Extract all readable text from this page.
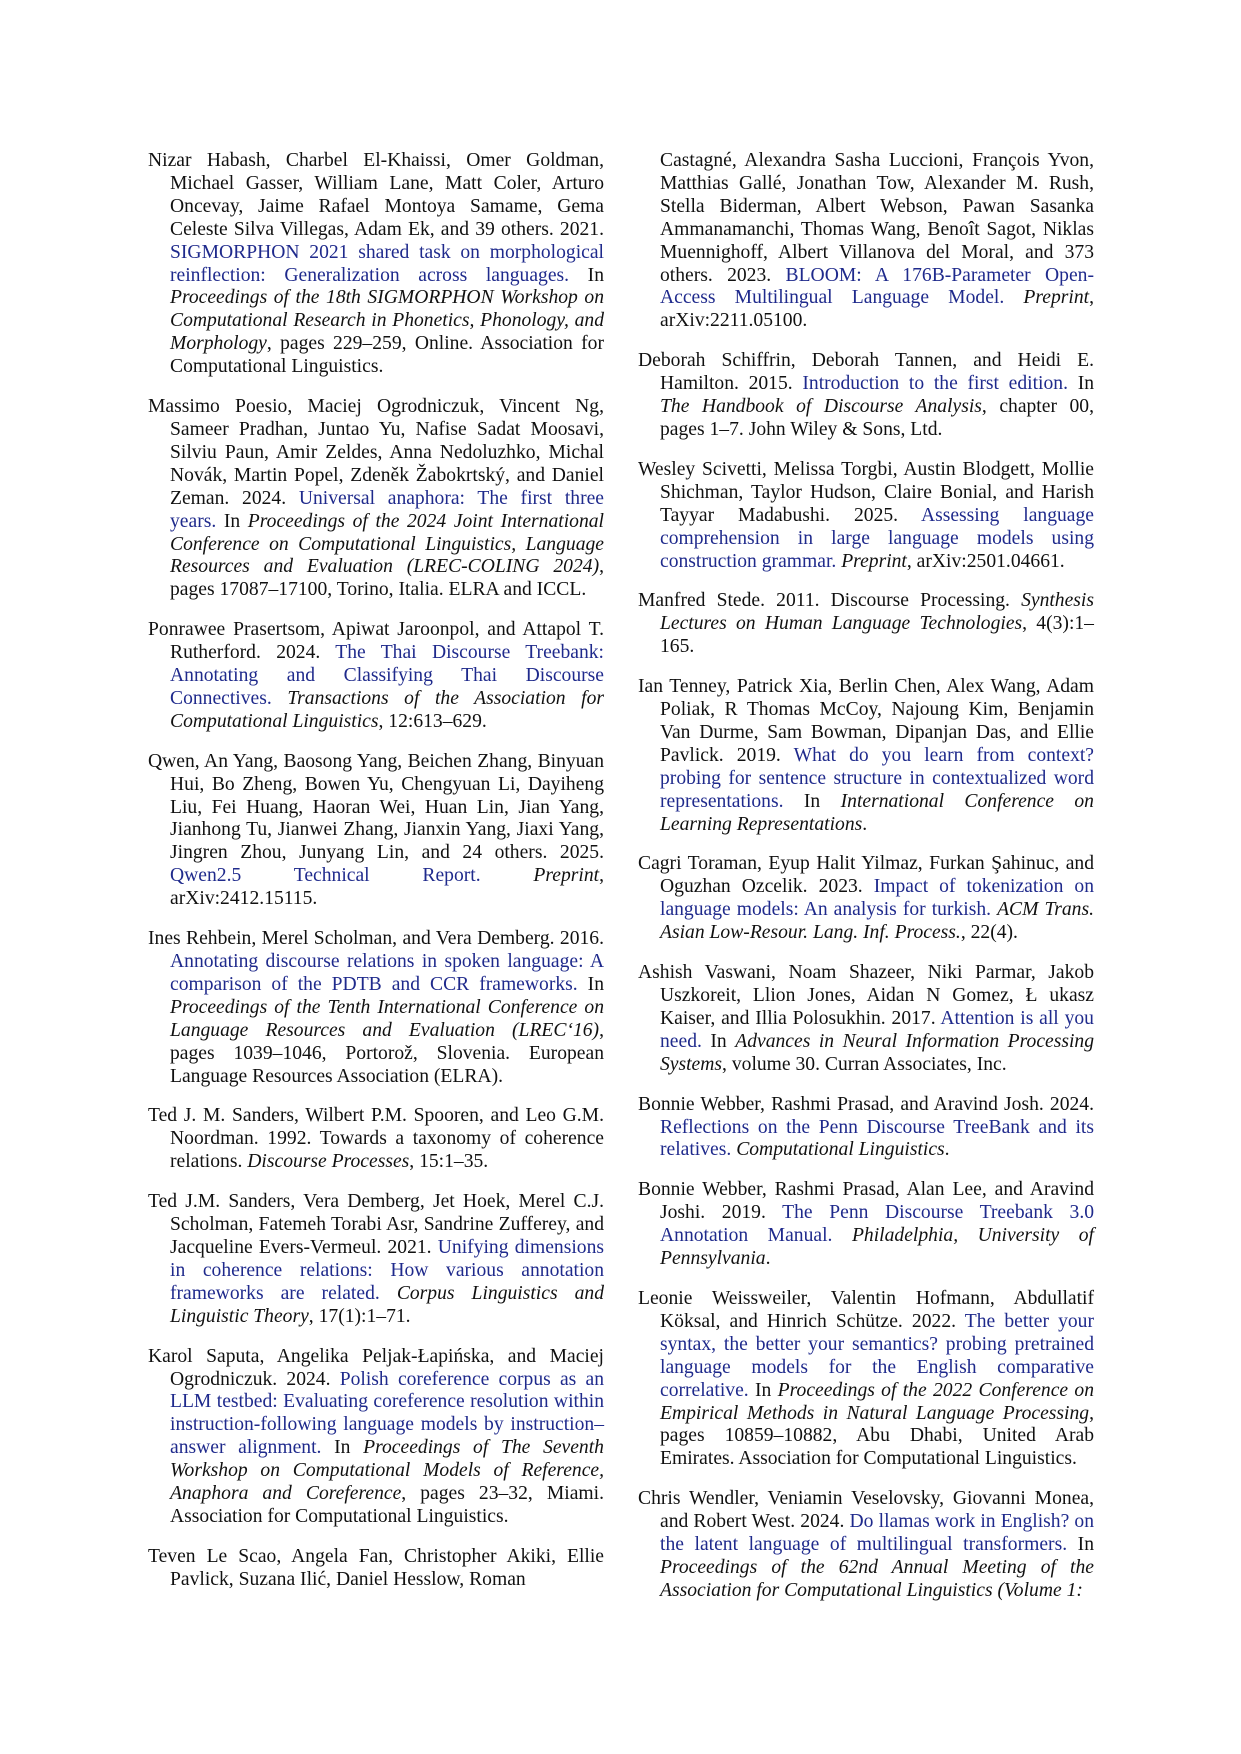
Nizar Habash, Charbel El-Khaissi, Omer Goldman, Michael Gasser, William Lane, Matt Coler, Arturo Oncevay, Jaime Rafael Montoya Samame, Gema Celeste Silva Villegas, Adam Ek, and 39 others. 2021. SIGMORPHON 2021 shared task on morphological reinflection: Generalization across languages. In Proceedings of the 18th SIGMORPHON Workshop on Computational Research in Phonetics, Phonology, and Morphology, pages 229–259, Online. Association for Computational Linguistics.

Massimo Poesio, Maciej Ogrodniczuk, Vincent Ng, Sameer Pradhan, Juntao Yu, Nafise Sadat Moosavi, Silviu Paun, Amir Zeldes, Anna Nedoluzhko, Michal Novák, Martin Popel, Zdeněk Žabokrtský, and Daniel Zeman. 2024. Universal anaphora: The first three years. In Proceedings of the 2024 Joint International Conference on Computational Linguistics, Language Resources and Evaluation (LREC-COLING 2024), pages 17087–17100, Torino, Italia. ELRA and ICCL.

Ponrawee Prasertsom, Apiwat Jaroonpol, and Attapol T. Rutherford. 2024. The Thai Discourse Treebank: Annotating and Classifying Thai Discourse Connectives. Transactions of the Association for Computational Linguistics, 12:613–629.

Qwen, An Yang, Baosong Yang, Beichen Zhang, Binyuan Hui, Bo Zheng, Bowen Yu, Chengyuan Li, Dayiheng Liu, Fei Huang, Haoran Wei, Huan Lin, Jian Yang, Jianhong Tu, Jianwei Zhang, Jianxin Yang, Jiaxi Yang, Jingren Zhou, Junyang Lin, and 24 others. 2025. Qwen2.5 Technical Report.	Preprint, arXiv:2412.15115.

Ines Rehbein, Merel Scholman, and Vera Demberg. 2016. Annotating discourse relations in spoken language: A comparison of the PDTB and CCR frameworks. In Proceedings of the Tenth International Conference on Language Resources and Evaluation (LREC‘16), pages 1039–1046, Portorož, Slovenia. European Language Resources Association (ELRA).

Ted J. M. Sanders, Wilbert P.M. Spooren, and Leo G.M. Noordman. 1992. Towards a taxonomy of coherence relations. Discourse Processes, 15:1–35.

Ted J.M. Sanders, Vera Demberg, Jet Hoek, Merel C.J. Scholman, Fatemeh Torabi Asr, Sandrine Zufferey, and Jacqueline Evers-Vermeul. 2021. Unifying dimensions in coherence relations: How various annotation frameworks are related. Corpus Linguistics and Linguistic Theory, 17(1):1–71.

Karol Saputa, Angelika Peljak-Łapińska, and Maciej Ogrodniczuk. 2024. Polish coreference corpus as an LLM testbed: Evaluating coreference resolution within instruction-following language models by instruction–answer alignment. In Proceedings of The Seventh Workshop on Computational Models of Reference, Anaphora and Coreference, pages 23–32, Miami. Association for Computational Linguistics.

Teven Le Scao, Angela Fan, Christopher Akiki, Ellie Pavlick, Suzana Ilić, Daniel Hesslow, Roman

Castagné, Alexandra Sasha Luccioni, François Yvon, Matthias Gallé, Jonathan Tow, Alexander M. Rush, Stella Biderman, Albert Webson, Pawan Sasanka Ammanamanchi, Thomas Wang, Benoît Sagot, Niklas Muennighoff, Albert Villanova del Moral, and 373 others. 2023. BLOOM: A 176B-Parameter Open-Access Multilingual Language Model. Preprint, arXiv:2211.05100.

Deborah Schiffrin, Deborah Tannen, and Heidi E. Hamilton. 2015. Introduction to the first edition. In The Handbook of Discourse Analysis, chapter 00, pages 1–7. John Wiley & Sons, Ltd.

Wesley Scivetti, Melissa Torgbi, Austin Blodgett, Mollie Shichman, Taylor Hudson, Claire Bonial, and Harish Tayyar Madabushi. 2025. Assessing language comprehension in large language models using construction grammar. Preprint, arXiv:2501.04661.

Manfred Stede. 2011. Discourse Processing. Synthesis Lectures on Human Language Technologies, 4(3):1–165.

Ian Tenney, Patrick Xia, Berlin Chen, Alex Wang, Adam Poliak, R Thomas McCoy, Najoung Kim, Benjamin Van Durme, Sam Bowman, Dipanjan Das, and Ellie Pavlick. 2019. What do you learn from context? probing for sentence structure in contextualized word representations. In International Conference on Learning Representations.

Cagri Toraman, Eyup Halit Yilmaz, Furkan Şahinuc, and Oguzhan Ozcelik. 2023. Impact of tokenization on language models: An analysis for turkish. ACM Trans. Asian Low-Resour. Lang. Inf. Process., 22(4).

Ashish Vaswani, Noam Shazeer, Niki Parmar, Jakob Uszkoreit, Llion Jones, Aidan N Gomez, Ł ukasz Kaiser, and Illia Polosukhin. 2017. Attention is all you need. In Advances in Neural Information Processing Systems, volume 30. Curran Associates, Inc.

Bonnie Webber, Rashmi Prasad, and Aravind Josh. 2024. Reflections on the Penn Discourse TreeBank and its relatives. Computational Linguistics.

Bonnie Webber, Rashmi Prasad, Alan Lee, and Aravind Joshi. 2019. The Penn Discourse Treebank 3.0 Annotation Manual. Philadelphia, University of Pennsylvania.

Leonie Weissweiler, Valentin Hofmann, Abdullatif Köksal, and Hinrich Schütze. 2022. The better your syntax, the better your semantics? probing pretrained language models for the English comparative correlative. In Proceedings of the 2022 Conference on Empirical Methods in Natural Language Processing, pages 10859–10882, Abu Dhabi, United Arab Emirates. Association for Computational Linguistics.

Chris Wendler, Veniamin Veselovsky, Giovanni Monea, and Robert West. 2024. Do llamas work in English? on the latent language of multilingual transformers. In Proceedings of the 62nd Annual Meeting of the Association for Computational Linguistics (Volume 1:
